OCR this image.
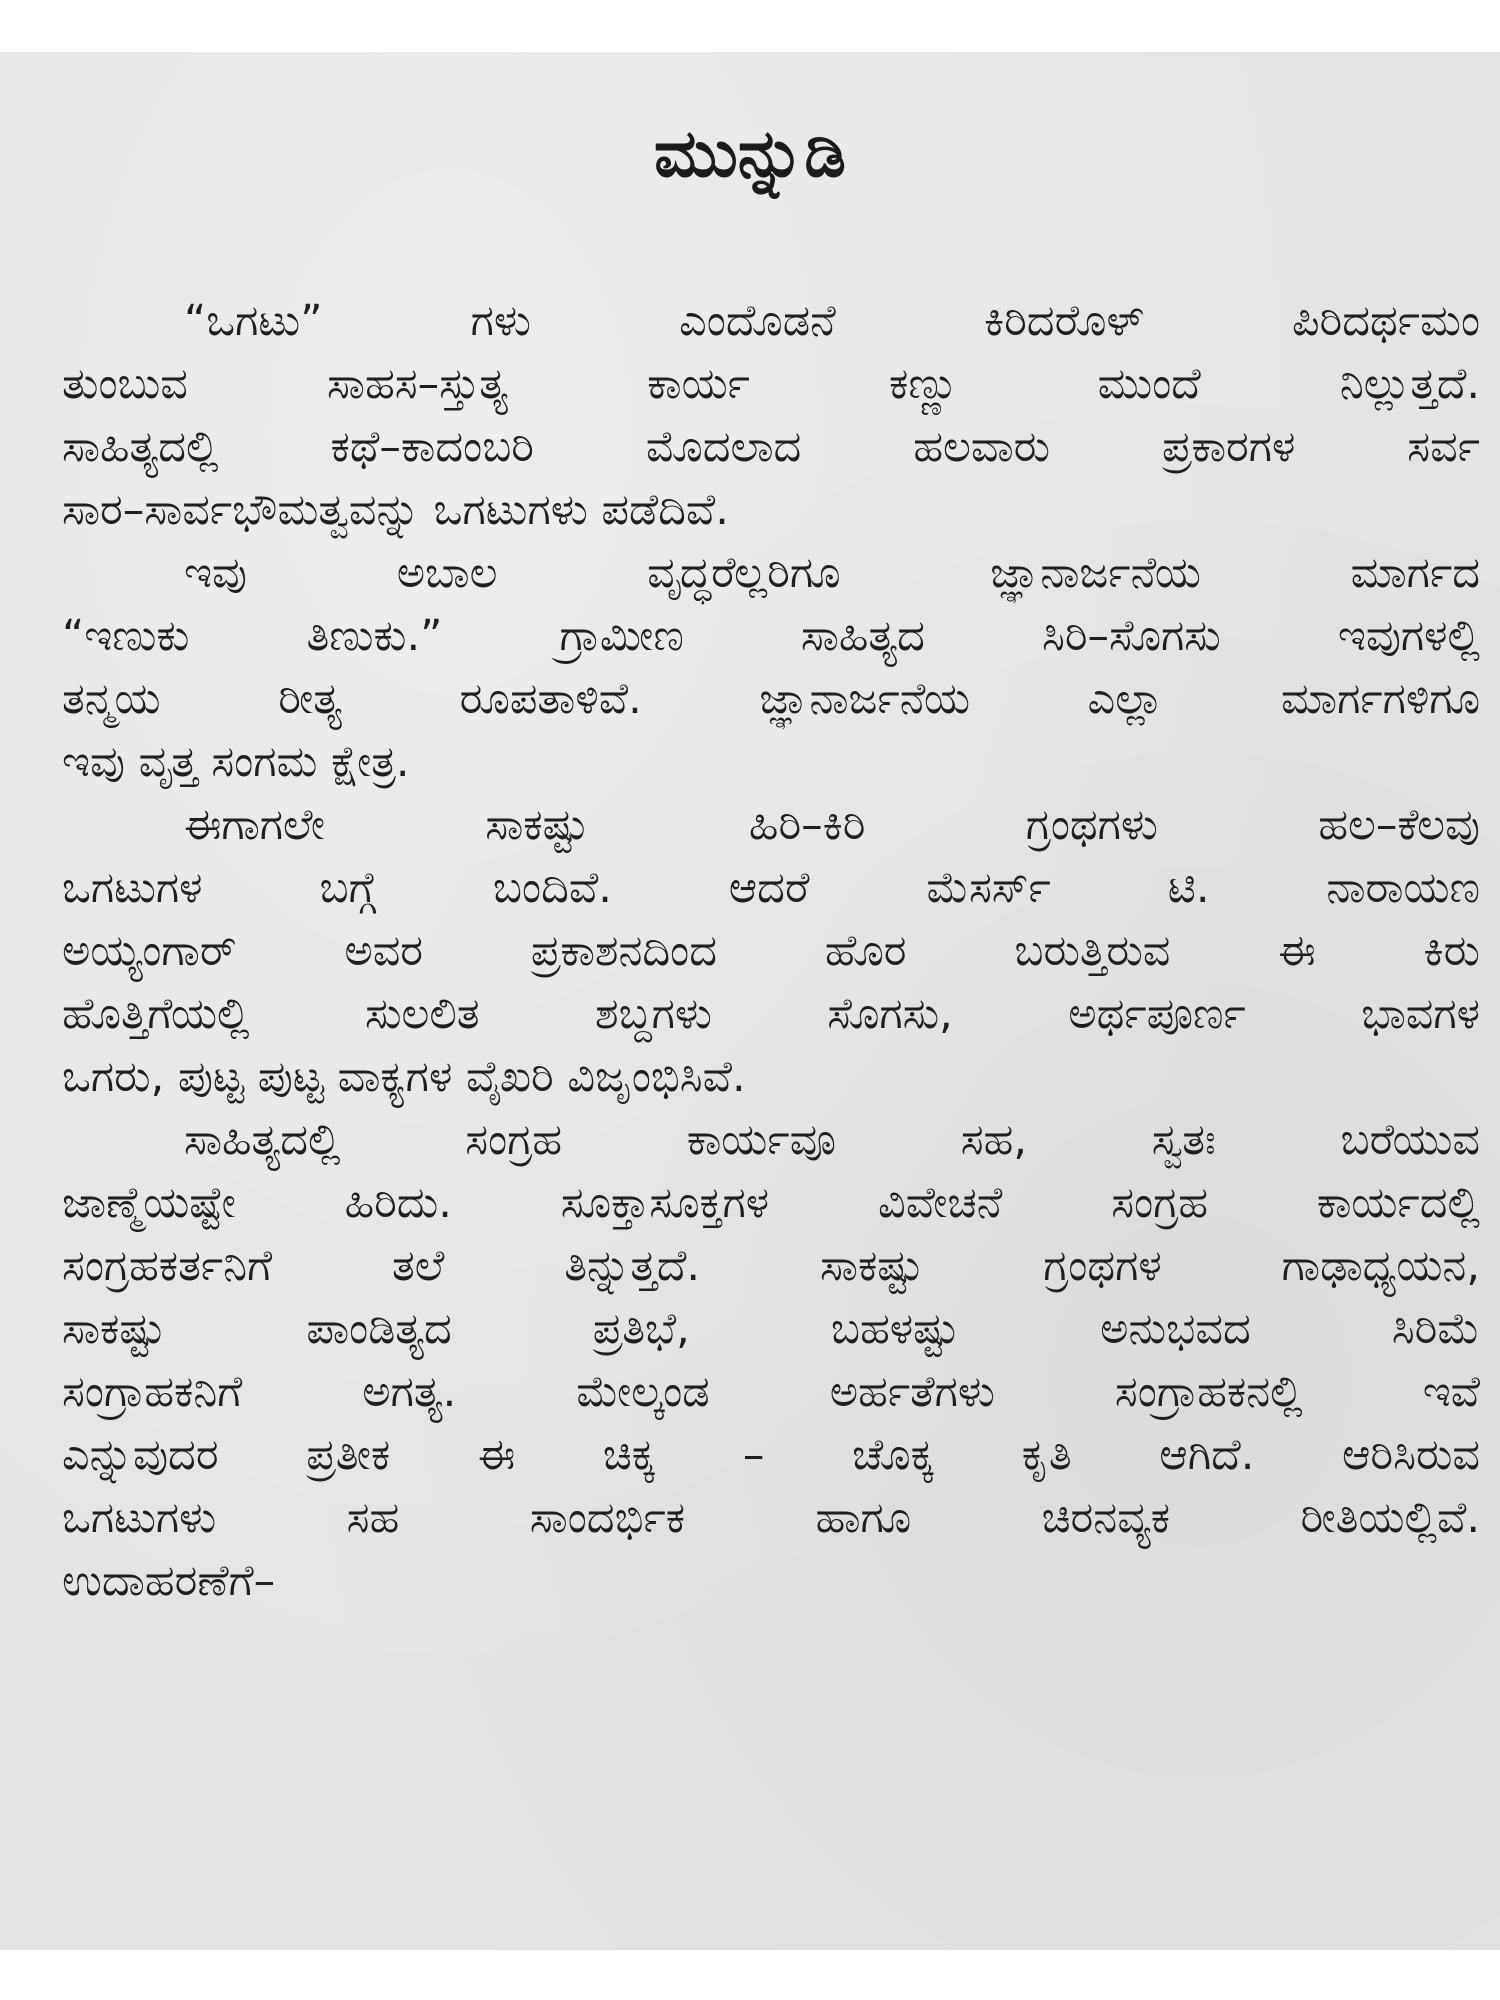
ಮುನ್ನುಡಿ
“ಒಗಟು” ಗಳು ಎಂದೊಡನೆ ಕಿರಿದರೊಳ್ ಪಿರಿದರ್ಥಮಂ
ತುಂಬುವ ಸಾಹಸ–ಸ್ತುತ್ಯ ಕಾರ್ಯ ಕಣ್ಣು ಮುಂದೆ ನಿಲ್ಲುತ್ತದೆ.
ಸಾಹಿತ್ಯದಲ್ಲಿ ಕಥೆ–ಕಾದಂಬರಿ ಮೊದಲಾದ ಹಲವಾರು ಪ್ರಕಾರಗಳ ಸರ್ವ
ಸಾರ–ಸಾರ್ವಭೌಮತ್ವವನ್ನು ಒಗಟುಗಳು ಪಡೆದಿವೆ.
ಇವು ಅಬಾಲ ವೃದ್ಧರೆಲ್ಲರಿಗೂ ಜ್ಞಾನಾರ್ಜನೆಯ ಮಾರ್ಗದ
“ಇಣುಕು ತಿಣುಕು.” ಗ್ರಾಮೀಣ ಸಾಹಿತ್ಯದ ಸಿರಿ–ಸೊಗಸು ಇವುಗಳಲ್ಲಿ
ತನ್ಮಯ ರೀತ್ಯ ರೂಪತಾಳಿವೆ. ಜ್ಞಾನಾರ್ಜನೆಯ ಎಲ್ಲಾ ಮಾರ್ಗಗಳಿಗೂ
ಇವು ವೃತ್ತ ಸಂಗಮ ಕ್ಷೇತ್ರ.
ಈಗಾಗಲೇ ಸಾಕಷ್ಟು ಹಿರಿ–ಕಿರಿ ಗ್ರಂಥಗಳು ಹಲ–ಕೆಲವು
ಒಗಟುಗಳ ಬಗ್ಗೆ ಬಂದಿವೆ. ಆದರೆ ಮೆಸರ್ಸ್ ಟಿ. ನಾರಾಯಣ
ಅಯ್ಯಂಗಾರ್ ಅವರ ಪ್ರಕಾಶನದಿಂದ ಹೊರ ಬರುತ್ತಿರುವ ಈ ಕಿರು
ಹೊತ್ತಿಗೆಯಲ್ಲಿ ಸುಲಲಿತ ಶಬ್ದಗಳು ಸೊಗಸು, ಅರ್ಥಪೂರ್ಣ ಭಾವಗಳ
ಒಗರು, ಪುಟ್ಟ ಪುಟ್ಟ ವಾಕ್ಯಗಳ ವೈಖರಿ ವಿಜೃಂಭಿಸಿವೆ.
ಸಾಹಿತ್ಯದಲ್ಲಿ ಸಂಗ್ರಹ ಕಾರ್ಯವೂ ಸಹ, ಸ್ವತಃ ಬರೆಯುವ
ಜಾಣ್ಮೆಯಷ್ಟೇ ಹಿರಿದು. ಸೂಕ್ತಾಸೂಕ್ತಗಳ ವಿವೇಚನೆ ಸಂಗ್ರಹ ಕಾರ್ಯದಲ್ಲಿ
ಸಂಗ್ರಹಕರ್ತನಿಗೆ ತಲೆ ತಿನ್ನುತ್ತದೆ. ಸಾಕಷ್ಟು ಗ್ರಂಥಗಳ ಗಾಢಾಧ್ಯಯನ,
ಸಾಕಷ್ಟು ಪಾಂಡಿತ್ಯದ ಪ್ರತಿಭೆ, ಬಹಳಷ್ಟು ಅನುಭವದ ಸಿರಿಮೆ
ಸಂಗ್ರಾಹಕನಿಗೆ ಅಗತ್ಯ. ಮೇಲ್ಕಂಡ ಅರ್ಹತೆಗಳು ಸಂಗ್ರಾಹಕನಲ್ಲಿ ಇವೆ
ಎನ್ನುವುದರ ಪ್ರತೀಕ ಈ ಚಿಕ್ಕ – ಚೊಕ್ಕ ಕೃತಿ ಆಗಿದೆ. ಆರಿಸಿರುವ
ಒಗಟುಗಳು ಸಹ ಸಾಂದರ್ಭಿಕ ಹಾಗೂ ಚಿರನವ್ಯಕ ರೀತಿಯಲ್ಲಿವೆ.
ಉದಾಹರಣೆಗೆ–
